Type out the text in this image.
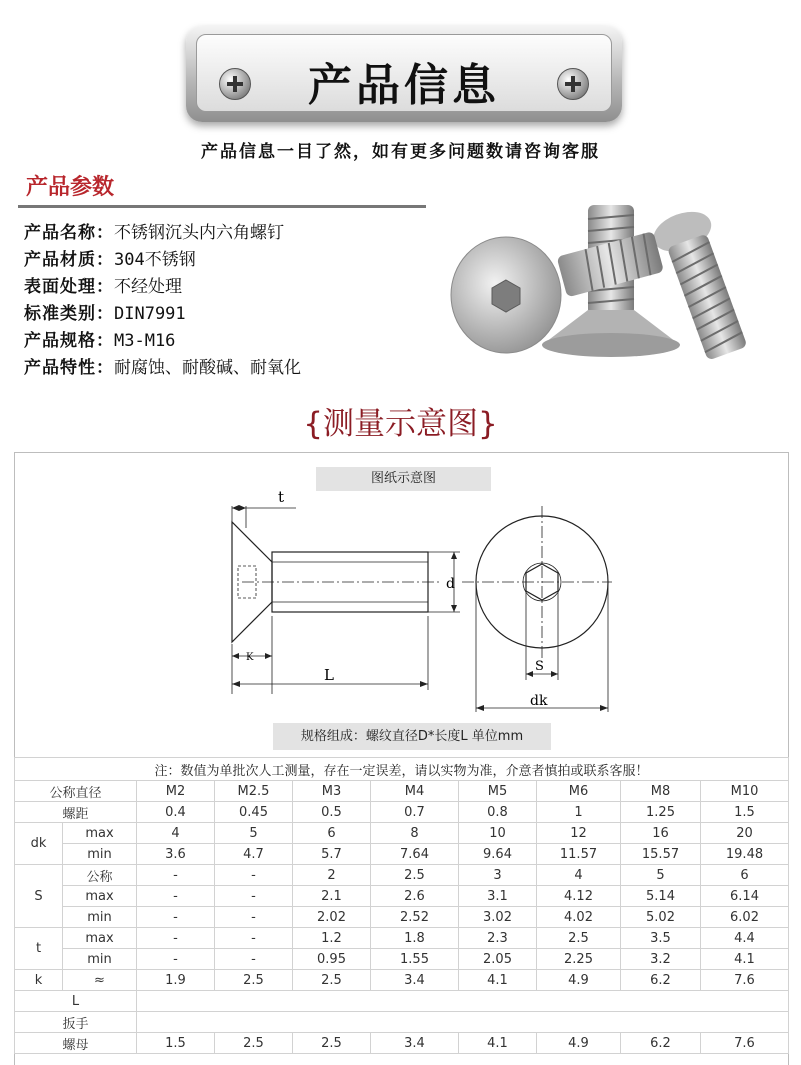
产品信息
产品信息一目了然，如有更多问题数请咨询客服
产品参数
产品名称：不锈钢沉头内六角螺钉
产品材质：304不锈钢
表面处理：不经处理
标准类别：DIN7991
产品规格：M3-M16
产品特性：耐腐蚀、耐酸碱、耐氧化
{测量示意图}
图纸示意图
t
d
K
L	S
dk
规格组成：螺纹直径D*长度L 单位mm
注：数值为单批次人工测量，存在一定误差，请以实物为准，介意者慎拍或联系客服！									
公称直径		M2	M2.5	M3	M4	M5	M6	M8	M10
螺距		0.4	0.45	0.5	0.7	0.8	1	1.25	1.5
dk	max	4	5	6	8	10	12	16	20
	min	3.6	4.7	5.7	7.64	9.64	11.57	15.57	19.48
S	公称	-	-	2	2.5	3	4	5	6
	max	-	-	2.1	2.6	3.1	4.12	5.14	6.14
	min	-	-	2.02	2.52	3.02	4.02	5.02	6.02
t	max	-	-	1.2	1.8	2.3	2.5	3.5	4.4
	min	-	-	0.95	1.55	2.05	2.25	3.2	4.1
k	≈	1.9	2.5	2.5	3.4	4.1	4.9	6.2	7.6
L									
扳手									
螺母		1.5	2.5	2.5	3.4	4.1	4.9	6.2	7.6
